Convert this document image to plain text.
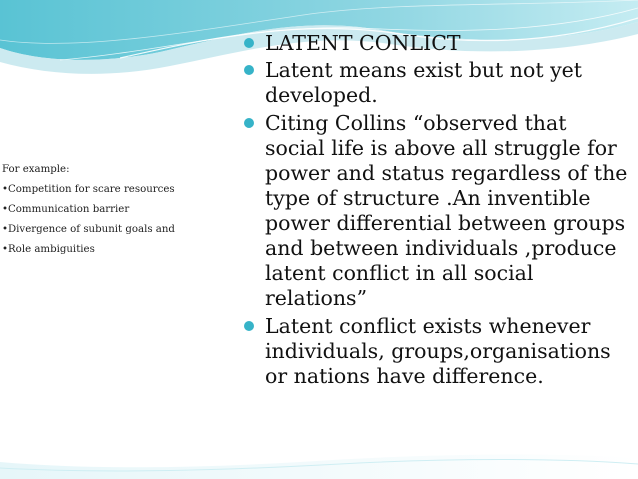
For example:
•Competition for scare resources
•Communication barrier
•Divergence of subunit goals and
•Role ambiguities
LATENT CONLICT
Latent means exist but not yet developed.
Citing Collins “observed that social life is above all struggle for power and status regardless of the type of structure .An inventible power differential between groups and between individuals ,produce latent conflict in all social relations”
Latent conflict exists whenever individuals, groups,organisations or nations have difference.
